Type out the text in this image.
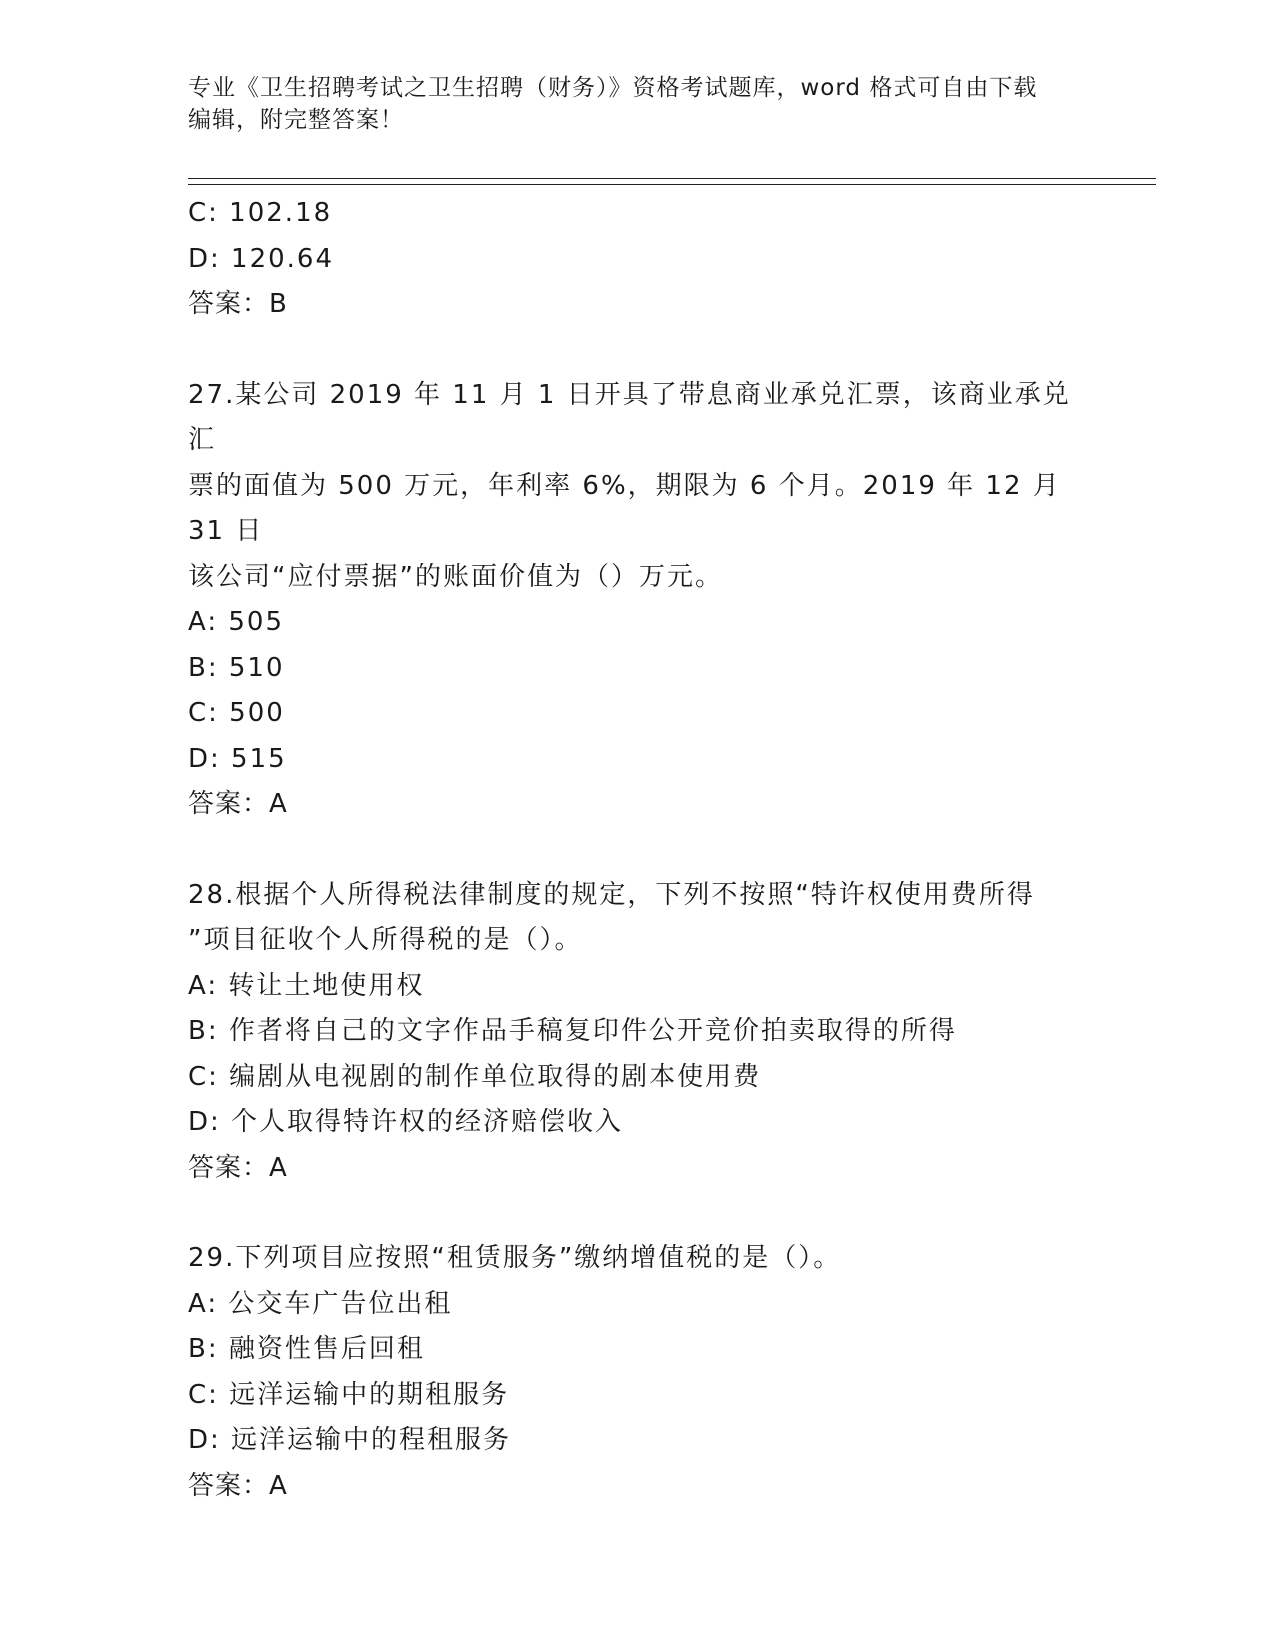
专业《卫生招聘考试之卫生招聘（财务）》资格考试题库，word 格式可自由下载
编辑，附完整答案！
C: 102.18
D: 120.64
答案：B
27.某公司 2019 年 11 月 1 日开具了带息商业承兑汇票，该商业承兑汇
票的面值为 500 万元，年利率 6%，期限为 6 个月。2019 年 12 月 31 日
该公司“应付票据”的账面价值为（）万元。
A: 505
B: 510
C: 500
D: 515
答案：A
28.根据个人所得税法律制度的规定，下列不按照“特许权使用费所得
”项目征收个人所得税的是（）。
A: 转让土地使用权
B: 作者将自己的文字作品手稿复印件公开竞价拍卖取得的所得
C: 编剧从电视剧的制作单位取得的剧本使用费
D: 个人取得特许权的经济赔偿收入
答案：A
29.下列项目应按照“租赁服务”缴纳增值税的是（）。
A: 公交车广告位出租
B: 融资性售后回租
C: 远洋运输中的期租服务
D: 远洋运输中的程租服务
答案：A
